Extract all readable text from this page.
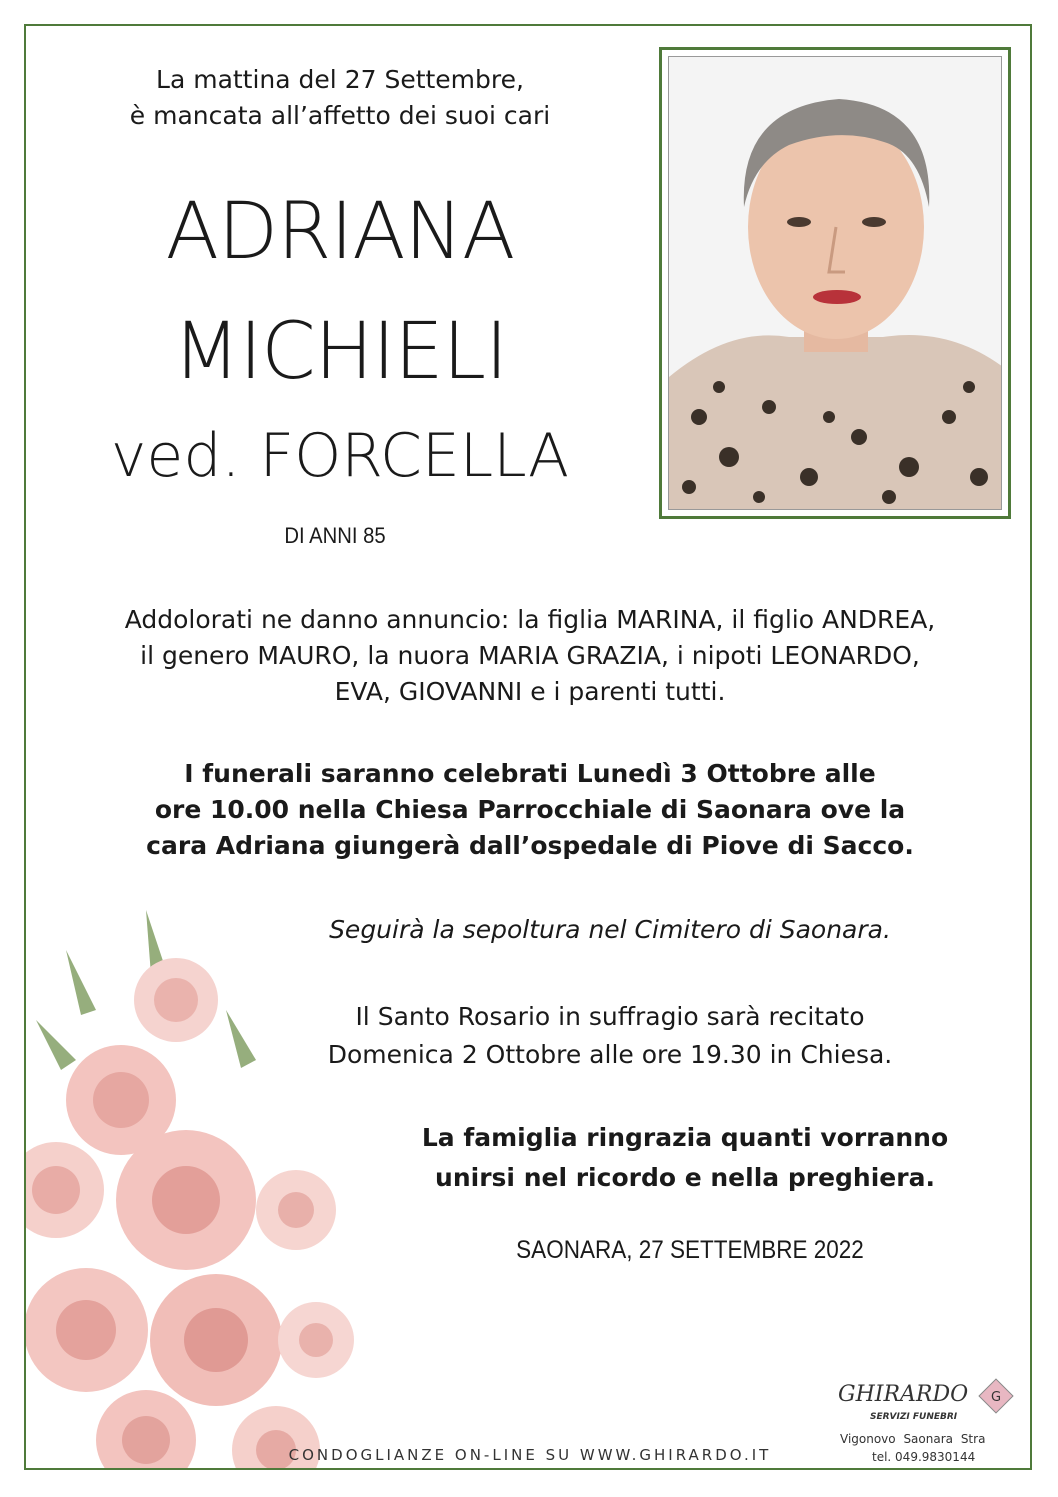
La mattina del 27 Settembre,
è mancata all’affetto dei suoi cari
ADRIANA
MICHIELI
ved. FORCELLA
DI ANNI 85
Addolorati ne danno annuncio: la figlia MARINA, il figlio ANDREA,
il genero MAURO, la nuora MARIA GRAZIA, i nipoti LEONARDO,
EVA, GIOVANNI e i parenti tutti.
I funerali saranno celebrati Lunedì 3 Ottobre alle
ore 10.00 nella Chiesa Parrocchiale di Saonara ove la
cara Adriana giungerà dall’ospedale di Piove di Sacco.
Seguirà la sepoltura nel Cimitero di Saonara.
Il Santo Rosario in suffragio sarà recitato
Domenica 2 Ottobre alle ore 19.30 in Chiesa.
La famiglia ringrazia quanti vorranno
unirsi nel ricordo e nella preghiera.
SAONARA, 27 SETTEMBRE 2022
CONDOGLIANZE ON-LINE SU WWW.GHIRARDO.IT
GHIRARDO
SERVIZI FUNEBRI
G
Vigonovo Saonara Stra
tel. 049.9830144
